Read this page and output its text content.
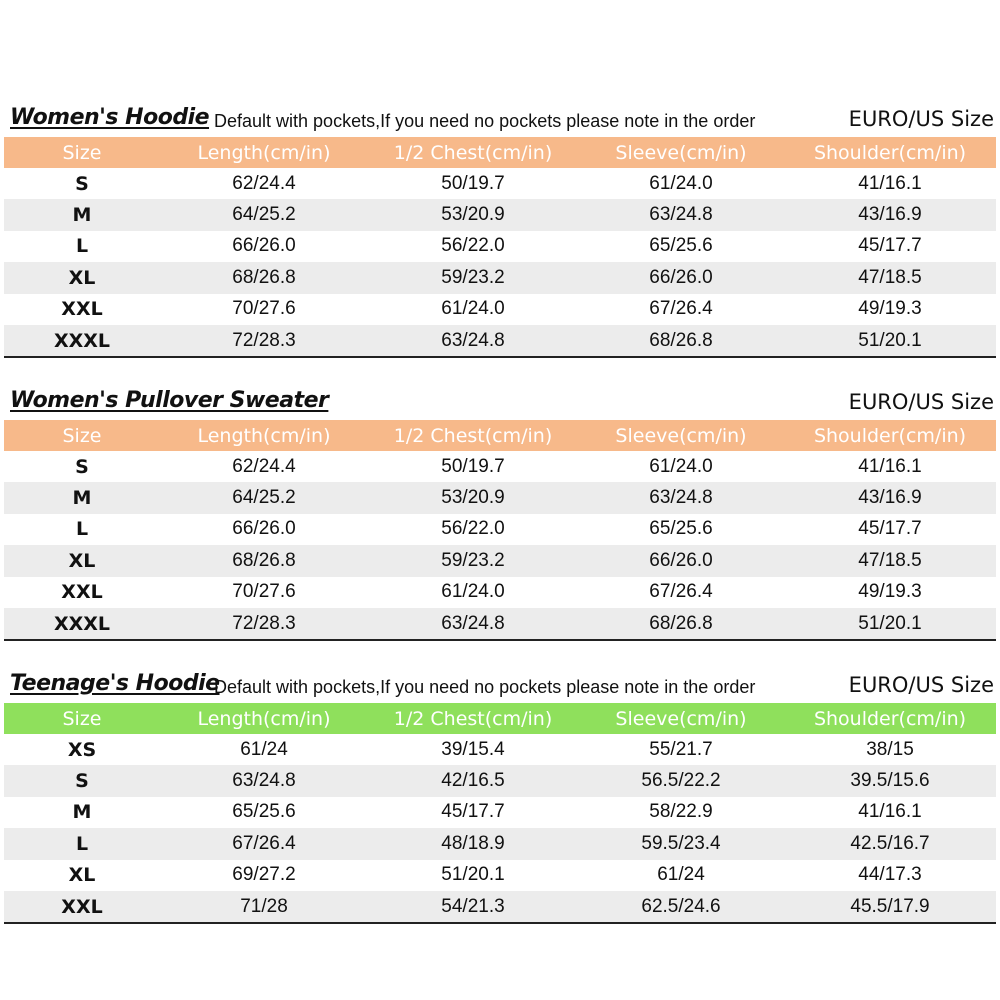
Women's Hoodie Default with pockets,If you need no pockets please note in the order	EURO/US Size
Size	Length(cm/in)	1/2 Chest(cm/in)	Sleeve(cm/in)	Shoulder(cm/in)
S	62/24.4	50/19.7	61/24.0	41/16.1
M	64/25.2	53/20.9	63/24.8	43/16.9
L	66/26.0	56/22.0	65/25.6	45/17.7
XL	68/26.8	59/23.2	66/26.0	47/18.5
XXL	70/27.6	61/24.0	67/26.4	49/19.3
XXXL	72/28.3	63/24.8	68/26.8	51/20.1
Women's Pullover Sweater	EURO/US Size
Size	Length(cm/in)	1/2 Chest(cm/in)	Sleeve(cm/in)	Shoulder(cm/in)
S	62/24.4	50/19.7	61/24.0	41/16.1
M	64/25.2	53/20.9	63/24.8	43/16.9
L	66/26.0	56/22.0	65/25.6	45/17.7
XL	68/26.8	59/23.2	66/26.0	47/18.5
XXL	70/27.6	61/24.0	67/26.4	49/19.3
XXXL	72/28.3	63/24.8	68/26.8	51/20.1
Teenage's Hoodie
Default with pockets,If you need no pockets please note in the order	EURO/US Size
Size	Length(cm/in)	1/2 Chest(cm/in)	Sleeve(cm/in)	Shoulder(cm/in)
XS	61/24	39/15.4	55/21.7	38/15
S	63/24.8	42/16.5	56.5/22.2	39.5/15.6
M	65/25.6	45/17.7	58/22.9	41/16.1
L	67/26.4	48/18.9	59.5/23.4	42.5/16.7
XL	69/27.2	51/20.1	61/24	44/17.3
XXL	71/28	54/21.3	62.5/24.6	45.5/17.9
